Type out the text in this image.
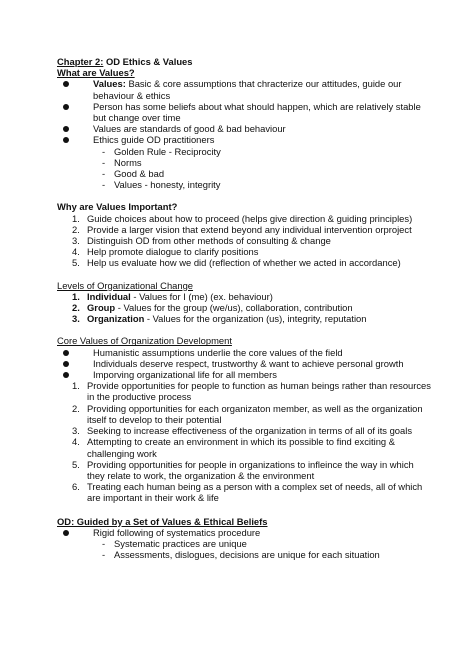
Chapter 2: OD Ethics & Values
What are Values?
Values: Basic & core assumptions that chracterize our attitudes, guide our behaviour & ethics
Person has some beliefs about what should happen, which are relatively stable but change over time
Values are standards of good & bad behaviour
Ethics guide OD practitioners
- Golden Rule - Reciprocity
- Norms
- Good & bad
- Values - honesty, integrity
Why are Values Important?
1. Guide choices about how to proceed (helps give direction & guiding principles)
2. Provide a larger vision that extend beyond any individual intervention orproject
3. Distinguish OD from other methods of consulting & change
4. Help promote dialogue to clarify positions
5. Help us evaluate how we did (reflection of whether we acted in accordance)
Levels of Organizational Change
1. Individual - Values for I (me) (ex. behaviour)
2. Group - Values for the group (we/us), collaboration, contribution
3. Organization - Values for the organization (us), integrity, reputation
Core Values of Organization Development
Humanistic assumptions underlie the core values of the field
Individuals deserve respect, trustworthy & want to achieve personal growth
Imporving organizational life for all members
1. Provide opportunities for people to function as human beings rather than resources in the productive process
2. Providing opportunities for each organizaton member, as well as the organization itself to develop to their potential
3. Seeking to increase effectiveness of the organization in terms of all of its goals
4. Attempting to create an environment in which its possible to find exciting & challenging work
5. Providing opportunities for people in organizations to infleince the way in which they relate to work, the organization & the environment
6. Treating each human being as a person with a complex set of needs, all of which are important in their work & life
OD: Guided by a Set of Values & Ethical Beliefs
Rigid following of systematics procedure
- Systematic practices are unique
- Assessments, dislogues, decisions are unique for each situation
